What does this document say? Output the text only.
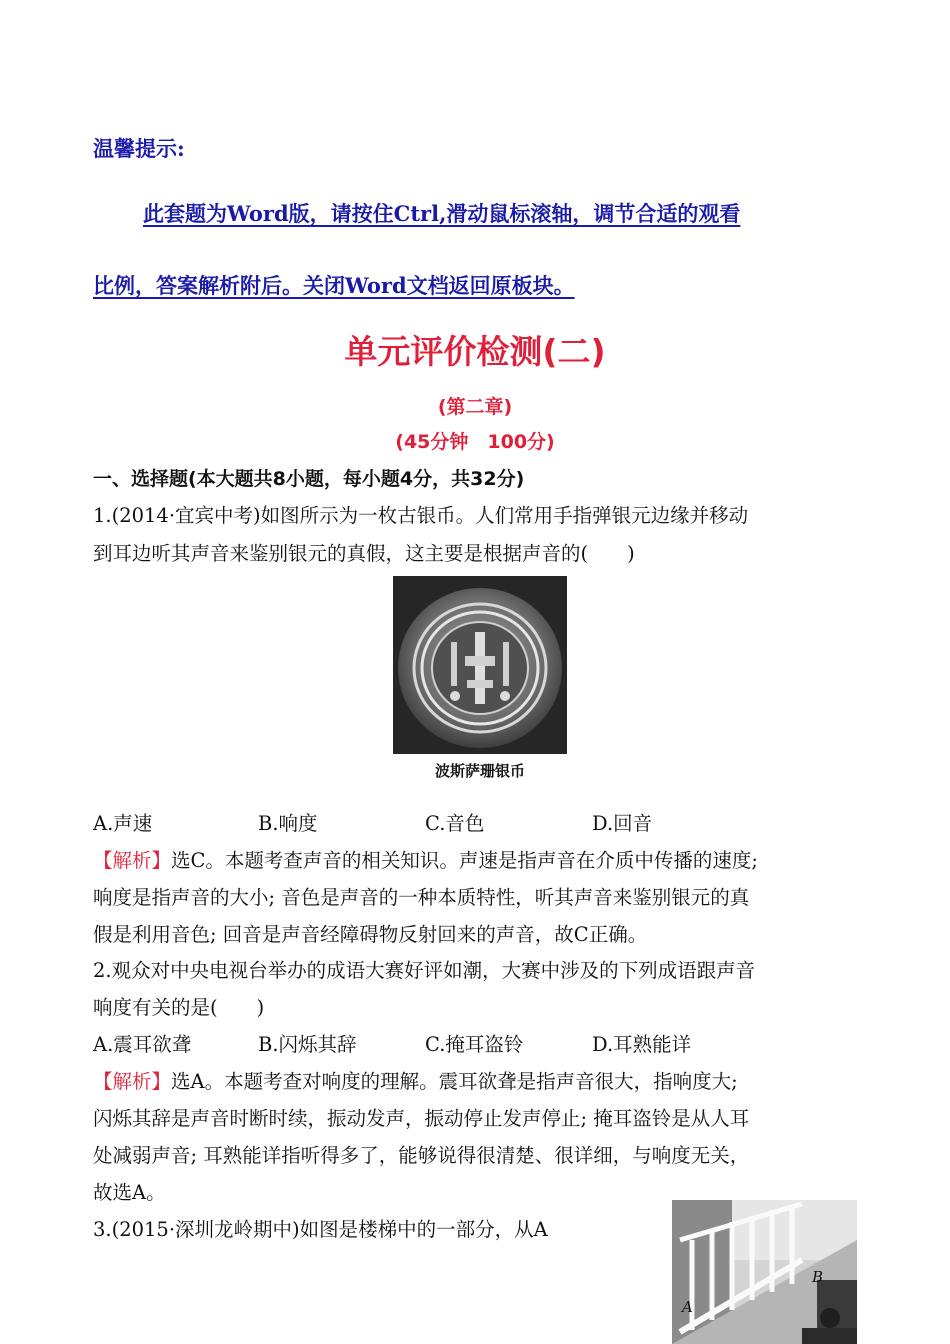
温馨提示:
此套题为Word版，请按住Ctrl,滑动鼠标滚轴，调节合适的观看
比例，答案解析附后。关闭Word文档返回原板块。
单元评价检测(二)
(第二章)
(45分钟　100分)
一、选择题(本大题共8小题，每小题4分，共32分)
1.(2014·宜宾中考)如图所示为一枚古银币。人们常用手指弹银元边缘并移动
到耳边听其声音来鉴别银元的真假，这主要是根据声音的(　　)
波斯萨珊银币
A.声速	B.响度	C.音色	D.回音
【解析】选C。本题考查声音的相关知识。声速是指声音在介质中传播的速度;
响度是指声音的大小; 音色是声音的一种本质特性，听其声音来鉴别银元的真
假是利用音色; 回音是声音经障碍物反射回来的声音，故C正确。
2.观众对中央电视台举办的成语大赛好评如潮，大赛中涉及的下列成语跟声音
响度有关的是(　　)
A.震耳欲聋	B.闪烁其辞	C.掩耳盗铃	D.耳熟能详
【解析】选A。本题考查对响度的理解。震耳欲聋是指声音很大，指响度大;
闪烁其辞是声音时断时续，振动发声，振动停止发声停止; 掩耳盗铃是从人耳
处减弱声音; 耳熟能详指听得多了，能够说得很清楚、很详细，与响度无关，
故选A。
3.(2015·深圳龙岭期中)如图是楼梯中的一部分，从A
A
B
